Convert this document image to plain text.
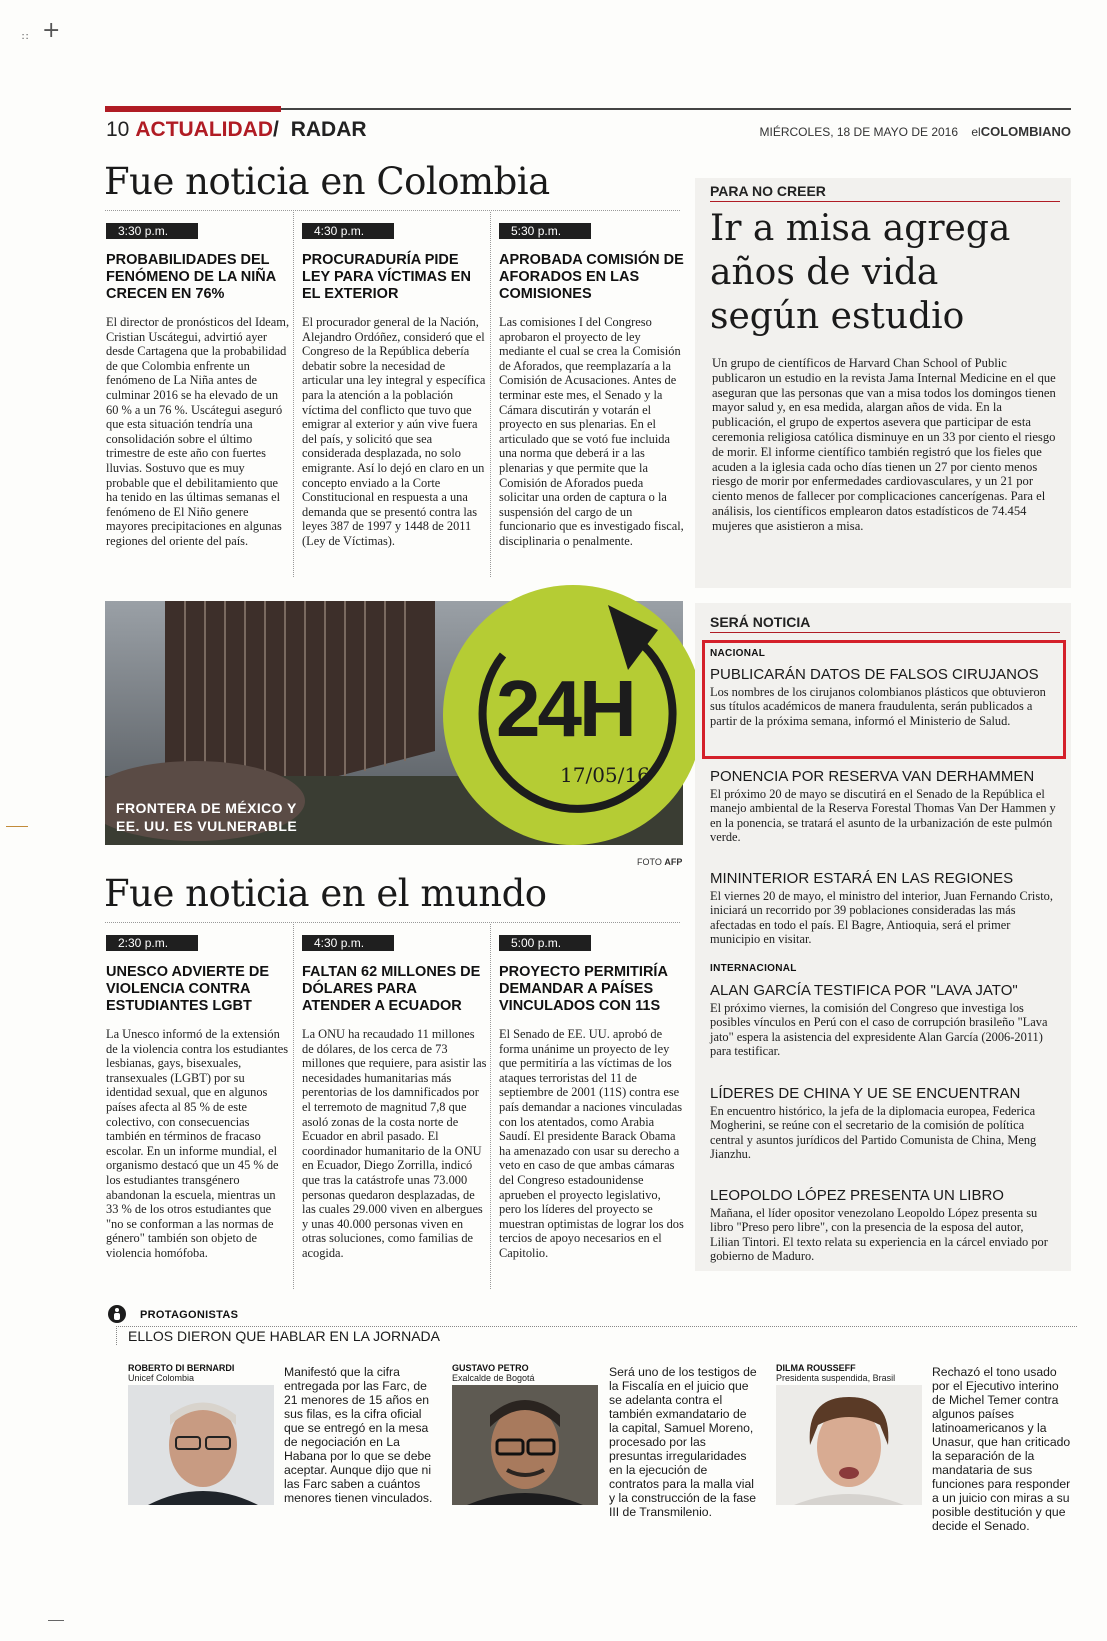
+
∷
10 ACTUALIDAD/ RADAR	MIÉRCOLES, 18 DE MAYO DE 2016 elCOLOMBIANO
Fue noticia en Colombia
3:30 p.m.
PROBABILIDADES DEL FENÓMENO DE LA NIÑA CRECEN EN 76%
El director de pronósticos del Ideam, Cristian Uscátegui, advirtió ayer desde Cartagena que la probabilidad de que Colombia enfrente un fenómeno de La Niña antes de culminar 2016 se ha elevado de un 60 % a un 76 %. Uscátegui aseguró que esta situación tendría una consolidación sobre el último trimestre de este año con fuertes lluvias. Sostuvo que es muy probable que el debilitamiento que ha tenido en las últimas semanas el fenómeno de El Niño genere mayores precipitaciones en algunas regiones del oriente del país.
4:30 p.m.
PROCURADURÍA PIDE LEY PARA VÍCTIMAS EN EL EXTERIOR
El procurador general de la Nación, Alejandro Ordóñez, consideró que el Congreso de la República debería debatir sobre la necesidad de articular una ley integral y específica para la atención a la población víctima del conflicto que tuvo que emigrar al exterior y aún vive fuera del país, y solicitó que sea considerada desplazada, no solo emigrante. Así lo dejó en claro en un concepto enviado a la Corte Constitucional en respuesta a una demanda que se presentó contra las leyes 387 de 1997 y 1448 de 2011 (Ley de Víctimas).
5:30 p.m.
APROBADA COMISIÓN DE AFORADOS EN LAS COMISIONES
Las comisiones I del Congreso aprobaron el proyecto de ley mediante el cual se crea la Comisión de Aforados, que reemplazaría a la Comisión de Acusaciones. Antes de terminar este mes, el Senado y la Cámara discutirán y votarán el proyecto en sus plenarias. En el articulado que se votó fue incluida una norma que deberá ir a las plenarias y que permite que la Comisión de Aforados pueda solicitar una orden de captura o la suspensión del cargo de un funcionario que es investigado fiscal, disciplinaria o penalmente.
PARA NO CREER
Ir a misa agrega años de vida según estudio
Un grupo de científicos de Harvard Chan School of Public publicaron un estudio en la revista Jama Internal Medicine en el que aseguran que las personas que van a misa todos los domingos tienen mayor salud y, en esa medida, alargan años de vida. En la publicación, el grupo de expertos asevera que participar de esta ceremonia religiosa católica disminuye en un 33 por ciento el riesgo de morir. El informe científico también registró que los fieles que acuden a la iglesia cada ocho días tienen un 27 por ciento menos riesgo de morir por enfermedades cardiovasculares, y un 21 por ciento menos de fallecer por complicaciones cancerígenas. Para el análisis, los científicos emplearon datos estadísticos de 74.454 mujeres que asistieron a misa.
24H
17/05/16
FRONTERA DE MÉXICO Y
EE. UU. ES VULNERABLE
FOTO AFP
Fue noticia en el mundo
2:30 p.m.
UNESCO ADVIERTE DE VIOLENCIA CONTRA ESTUDIANTES LGBT
La Unesco informó de la extensión de la violencia contra los estudiantes lesbianas, gays, bisexuales, transexuales (LGBT) por su identidad sexual, que en algunos países afecta al 85 % de este colectivo, con consecuencias también en términos de fracaso escolar. En un informe mundial, el organismo destacó que un 45 % de los estudiantes transgénero abandonan la escuela, mientras un 33 % de los otros estudiantes que "no se conforman a las normas de género" también son objeto de violencia homófoba.
4:30 p.m.
FALTAN 62 MILLONES DE DÓLARES PARA ATENDER A ECUADOR
La ONU ha recaudado 11 millones de dólares, de los cerca de 73 millones que requiere, para asistir las necesidades humanitarias más perentorias de los damnificados por el terremoto de magnitud 7,8 que asoló zonas de la costa norte de Ecuador en abril pasado. El coordinador humanitario de la ONU en Ecuador, Diego Zorrilla, indicó que tras la catástrofe unas 73.000 personas quedaron desplazadas, de las cuales 29.000 viven en albergues y unas 40.000 personas viven en otras soluciones, como familias de acogida.
5:00 p.m.
PROYECTO PERMITIRÍA DEMANDAR A PAÍSES VINCULADOS CON 11S
El Senado de EE. UU. aprobó de forma unánime un proyecto de ley que permitiría a las víctimas de los ataques terroristas del 11 de septiembre de 2001 (11S) contra ese país demandar a naciones vinculadas con los atentados, como Arabia Saudí. El presidente Barack Obama ha amenazado con usar su derecho a veto en caso de que ambas cámaras del Congreso estadounidense aprueben el proyecto legislativo, pero los líderes del proyecto se muestran optimistas de lograr los dos tercios de apoyo necesarios en el Capitolio.
SERÁ NOTICIA
NACIONAL
PUBLICARÁN DATOS DE FALSOS CIRUJANOS
Los nombres de los cirujanos colombianos plásticos que obtuvieron sus títulos académicos de manera fraudulenta, serán publicados a partir de la próxima semana, informó el Ministerio de Salud.
PONENCIA POR RESERVA VAN DERHAMMEN
El próximo 20 de mayo se discutirá en el Senado de la República el manejo ambiental de la Reserva Forestal Thomas Van Der Hammen y en la ponencia, se tratará el asunto de la urbanización de este pulmón verde.
MININTERIOR ESTARÁ EN LAS REGIONES
El viernes 20 de mayo, el ministro del interior, Juan Fernando Cristo, iniciará un recorrido por 39 poblaciones consideradas las más afectadas en todo el país. El Bagre, Antioquia, será el primer municipio en visitar.
INTERNACIONAL
ALAN GARCÍA TESTIFICA POR "LAVA JATO"
El próximo viernes, la comisión del Congreso que investiga los posibles vínculos en Perú con el caso de corrupción brasileño "Lava jato" espera la asistencia del expresidente Alan García (2006-2011) para testificar.
LÍDERES DE CHINA Y UE SE ENCUENTRAN
En encuentro histórico, la jefa de la diplomacia europea, Federica Mogherini, se reúne con el secretario de la comisión de política central y asuntos jurídicos del Partido Comunista de China, Meng Jianzhu.
LEOPOLDO LÓPEZ PRESENTA UN LIBRO
Mañana, el líder opositor venezolano Leopoldo López presenta su libro "Preso pero libre", con la presencia de la esposa del autor, Lilian Tintori. El texto relata su experiencia en la cárcel enviado por gobierno de Maduro.
PROTAGONISTAS
ELLOS DIERON QUE HABLAR EN LA JORNADA
ROBERTO DI BERNARDI
Unicef Colombia	Manifestó que la cifra entregada por las Farc, de 21 menores de 15 años en sus filas, es la cifra oficial que se entregó en la mesa de negociación en La Habana por lo que se debe aceptar. Aunque dijo que ni las Farc saben a cuántos menores tienen vinculados.
GUSTAVO PETRO
Exalcalde de Bogotá	Será uno de los testigos de la Fiscalía en el juicio que se adelanta contra el también exmandatario de la capital, Samuel Moreno, procesado por las presuntas irregularidades en la ejecución de contratos para la malla vial y la construcción de la fase III de Transmilenio.
DILMA ROUSSEFF
Presidenta suspendida, Brasil	Rechazó el tono usado por el Ejecutivo interino de Michel Temer contra algunos países latinoamericanos y la Unasur, que han criticado la separación de la mandataria de sus funciones para responder a un juicio con miras a su posible destitución y que decide el Senado.
